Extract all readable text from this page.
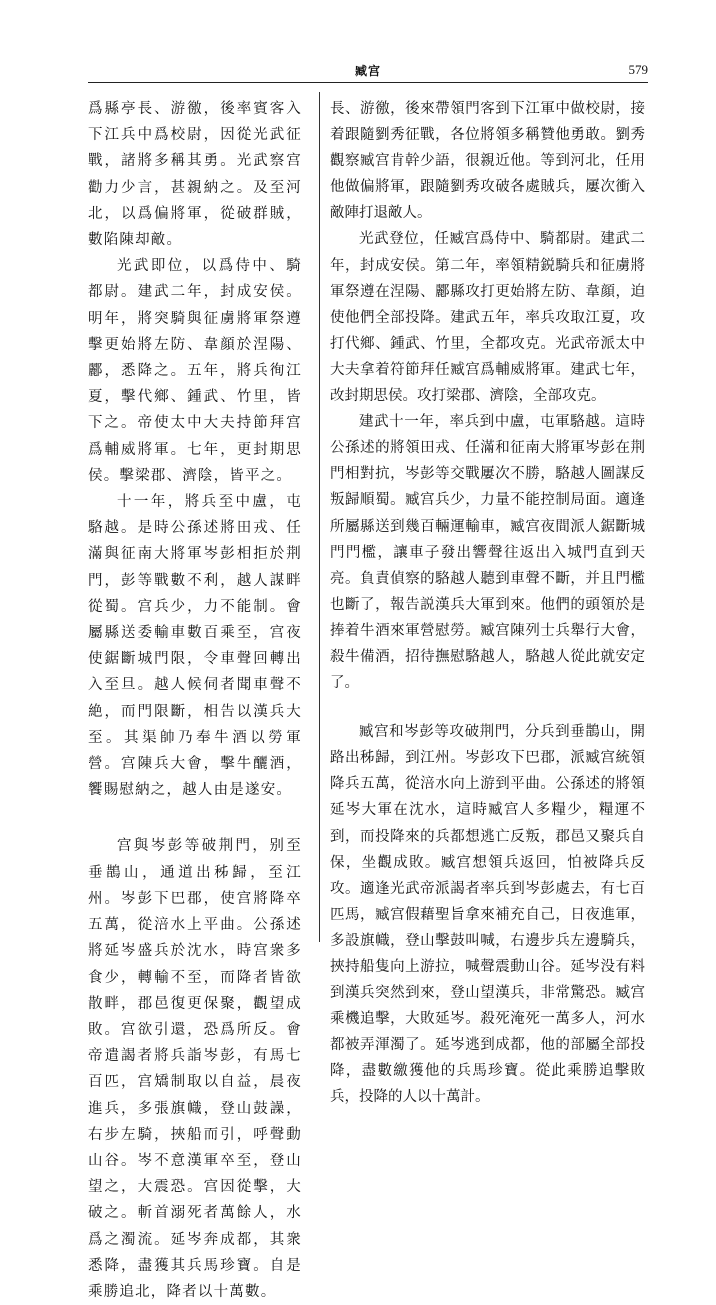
臧宫	579

爲縣亭長、游徼，後率賓客入下江兵中爲校尉，因從光武征戰，諸將多稱其勇。光武察宫勸力少言，甚親納之。及至河北，以爲偏將軍，從破群賊，數陷陳却敵。

光武即位，以爲侍中、騎都尉。建武二年，封成安侯。明年，將突騎與征虜將軍祭遵擊更始將左防、韋顔於涅陽、酈，悉降之。五年，將兵徇江夏，擊代鄉、鍾武、竹里，皆下之。帝使太中大夫持節拜宫爲輔威將軍。七年，更封期思侯。擊梁郡、濟陰，皆平之。

十一年，將兵至中盧，屯駱越。是時公孫述將田戎、任滿與征南大將軍岑彭相拒於荆門，彭等戰數不利，越人謀畔從蜀。宫兵少，力不能制。會屬縣送委輸車數百乘至，宫夜使鋸斷城門限，令車聲回轉出入至旦。越人候伺者聞車聲不絶，而門限斷，相告以漢兵大至。其渠帥乃奉牛酒以勞軍營。宫陳兵大會，擊牛釃酒，饗賜慰納之，越人由是遂安。

宫與岑彭等破荆門，别至垂鵲山，通道出秭歸，至江州。岑彭下巴郡，使宫將降卒五萬，從涪水上平曲。公孫述將延岑盛兵於沈水，時宫衆多食少，轉輸不至，而降者皆欲散畔，郡邑復更保聚，觀望成敗。宫欲引還，恐爲所反。會帝遣謁者將兵詣岑彭，有馬七百匹，宫矯制取以自益，晨夜進兵，多張旗幟，登山鼓譟，右步左騎，挾船而引，呼聲動山谷。岑不意漢軍卒至，登山望之，大震恐。宫因從擊，大破之。斬首溺死者萬餘人，水爲之濁流。延岑奔成都，其衆悉降，盡獲其兵馬珍寶。自是乘勝追北，降者以十萬數。

長、游徼，後來帶領門客到下江軍中做校尉，接着跟隨劉秀征戰，各位將領多稱贊他勇敢。劉秀觀察臧宫肯幹少語，很親近他。等到河北，任用他做偏將軍，跟隨劉秀攻破各處賊兵，屢次衝入敵陣打退敵人。

光武登位，任臧宫爲侍中、騎都尉。建武二年，封成安侯。第二年，率領精鋭騎兵和征虜將軍祭遵在涅陽、酈縣攻打更始將左防、韋顔，迫使他們全部投降。建武五年，率兵攻取江夏，攻打代鄉、鍾武、竹里，全都攻克。光武帝派太中大夫拿着符節拜任臧宫爲輔威將軍。建武七年，改封期思侯。攻打梁郡、濟陰，全部攻克。

建武十一年，率兵到中盧，屯軍駱越。這時公孫述的將領田戎、任滿和征南大將軍岑彭在荆門相對抗，岑彭等交戰屢次不勝，駱越人圖謀反叛歸順蜀。臧宫兵少，力量不能控制局面。適逢所屬縣送到幾百輛運輸車，臧宫夜間派人鋸斷城門門檻，讓車子發出響聲往返出入城門直到天亮。負責偵察的駱越人聽到車聲不斷，并且門檻也斷了，報告説漢兵大軍到來。他們的頭領於是捧着牛酒來軍營慰勞。臧宫陳列士兵舉行大會，殺牛備酒，招待撫慰駱越人，駱越人從此就安定了。

臧宫和岑彭等攻破荆門，分兵到垂鵲山，開路出秭歸，到江州。岑彭攻下巴郡，派臧宫統領降兵五萬，從涪水向上游到平曲。公孫述的將領延岑大軍在沈水，這時臧宫人多糧少，糧運不到，而投降來的兵都想逃亡反叛，郡邑又聚兵自保，坐觀成敗。臧宫想領兵返回，怕被降兵反攻。適逢光武帝派謁者率兵到岑彭處去，有七百匹馬，臧宫假藉聖旨拿來補充自己，日夜進軍，多設旗幟，登山擊鼓叫喊，右邊步兵左邊騎兵，挾持船隻向上游拉，喊聲震動山谷。延岑没有料到漢兵突然到來，登山望漢兵，非常驚恐。臧宫乘機追擊，大敗延岑。殺死淹死一萬多人，河水都被弄渾濁了。延岑逃到成都，他的部屬全部投降，盡數繳獲他的兵馬珍寶。從此乘勝追擊敗兵，投降的人以十萬計。
